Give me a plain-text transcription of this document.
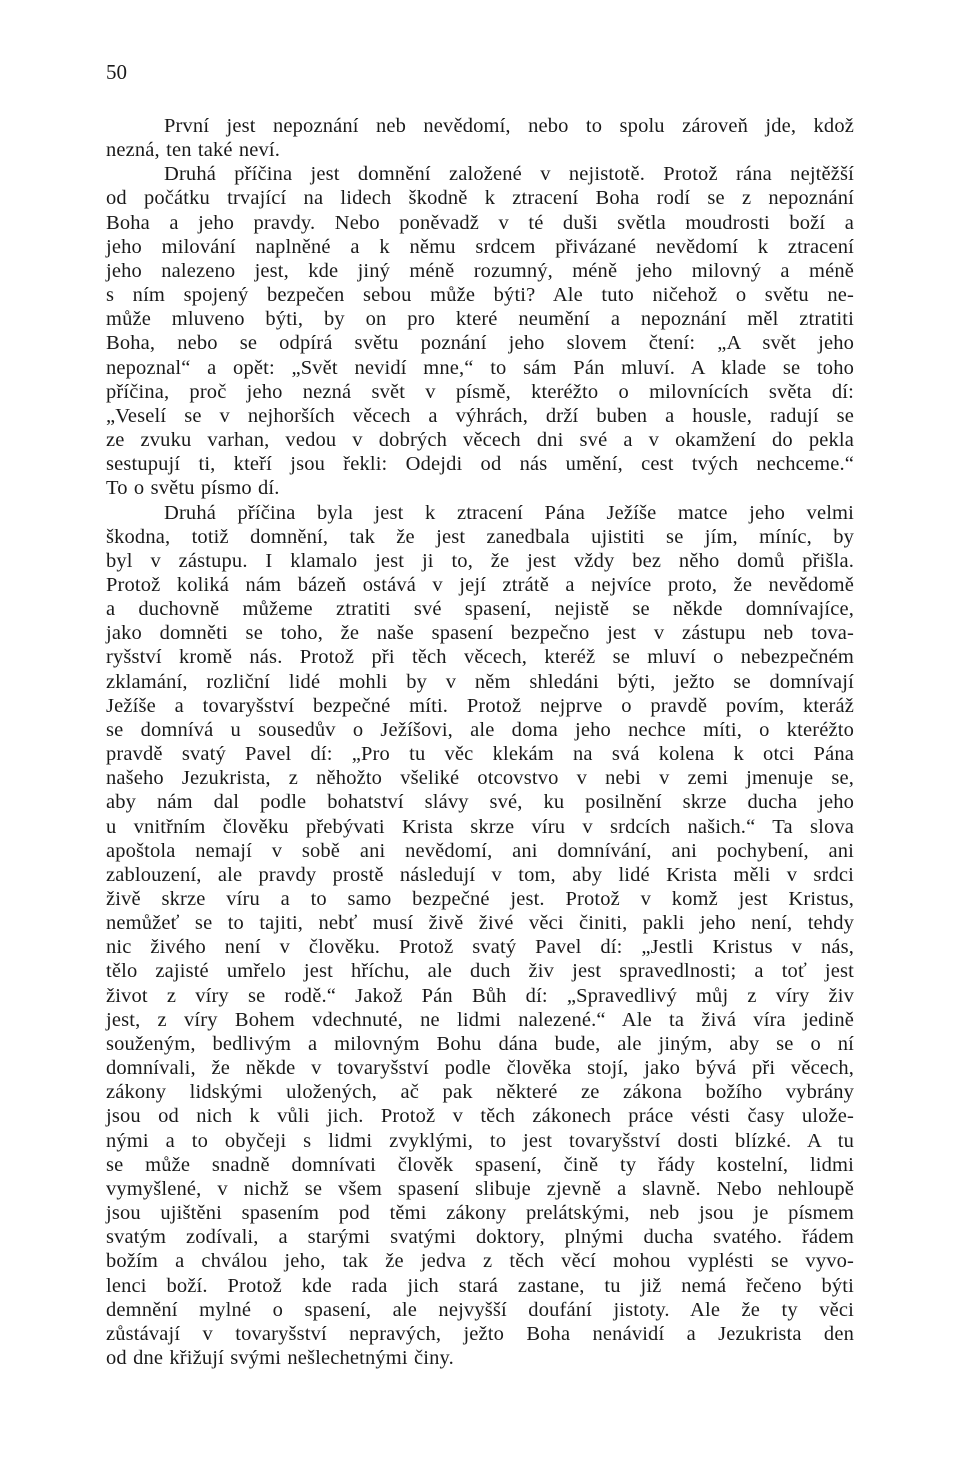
50
První jest nepoznání neb nevědomí, nebo to spolu zároveň jde, kdož
nezná, ten také neví.
Druhá příčina jest domnění založené v nejistotě. Protož rána nejtěžší
od počátku trvající na lidech škodně k ztracení Boha rodí se z nepoznání
Boha a jeho pravdy. Nebo poněvadž v té duši světla moudrosti boží a
jeho milování naplněné a k němu srdcem přivázané nevědomí k ztracení
jeho nalezeno jest, kde jiný méně rozumný, méně jeho milovný a méně
s ním spojený bezpečen sebou může býti? Ale tuto ničehož o světu ne-
může mluveno býti, by on pro které neumění a nepoznání měl ztratiti
Boha, nebo se odpírá světu poznání jeho slovem čtení: „A svět jeho
nepoznal“ a opět: „Svět nevidí mne,“ to sám Pán mluví. A klade se toho
příčina, proč jeho nezná svět v písmě, kteréžto o milovnících světa dí:
„Veselí se v nejhorších věcech a výhrách, drží buben a housle, radují se
ze zvuku varhan, vedou v dobrých věcech dni své a v okamžení do pekla
sestupují ti, kteří jsou řekli: Odejdi od nás umění, cest tvých nechceme.“
To o světu písmo dí.
Druhá příčina byla jest k ztracení Pána Ježíše matce jeho velmi
škodna, totiž domnění, tak že jest zanedbala ujistiti se jím, míníc, by
byl v zástupu. I klamalo jest ji to, že jest vždy bez něho domů přišla.
Protož koliká nám bázeň ostává v její ztrátě a nejvíce proto, že nevědomě
a duchovně můžeme ztratiti své spasení, nejistě se někde domnívajíce,
jako domněti se toho, že naše spasení bezpečno jest v zástupu neb tova-
ryšství kromě nás. Protož při těch věcech, kteréž se mluví o nebezpečném
zklamání, rozliční lidé mohli by v něm shledáni býti, ježto se domnívají
Ježíše a tovaryšství bezpečné míti. Protož nejprve o pravdě povím, kteráž
se domnívá u sousedův o Ježíšovi, ale doma jeho nechce míti, o kteréžto
pravdě svatý Pavel dí: „Pro tu věc klekám na svá kolena k otci Pána
našeho Jezukrista, z něhožto všeliké otcovstvo v nebi v zemi jmenuje se,
aby nám dal podle bohatství slávy své, ku posilnění skrze ducha jeho
u vnitřním člověku přebývati Krista skrze víru v srdcích našich.“ Ta slova
apoštola nemají v sobě ani nevědomí, ani domnívání, ani pochybení, ani
zablouzení, ale pravdy prostě následují v tom, aby lidé Krista měli v srdci
živě skrze víru a to samo bezpečné jest. Protož v komž jest Kristus,
nemůžeť se to tajiti, nebť musí živě živé věci činiti, pakli jeho není, tehdy
nic živého není v člověku. Protož svatý Pavel dí: „Jestli Kristus v nás,
tělo zajisté umřelo jest hříchu, ale duch živ jest spravedlnosti; a toť jest
život z víry se rodě.“ Jakož Pán Bůh dí: „Spravedlivý můj z víry živ
jest, z víry Bohem vdechnuté, ne lidmi nalezené.“ Ale ta živá víra jedině
souženým, bedlivým a milovným Bohu dána bude, ale jiným, aby se o ní
domnívali, že někde v tovaryšství podle člověka stojí, jako bývá při věcech,
zákony lidskými uložených, ač pak některé ze zákona božího vybrány
jsou od nich k vůli jich. Protož v těch zákonech práce vésti časy ulože-
nými a to obyčeji s lidmi zvyklými, to jest tovaryšství dosti blízké. A tu
se může snadně domnívati člověk spasení, čině ty řády kostelní, lidmi
vymyšlené, v nichž se všem spasení slibuje zjevně a slavně. Nebo nehloupě
jsou ujištěni spasením pod těmi zákony prelátskými, neb jsou je písmem
svatým zodívali, a starými svatými doktory, plnými ducha svatého. řádem
božím a chválou jeho, tak že jedva z těch věcí mohou vyplésti se vyvo-
lenci boží. Protož kde rada jich stará zastane, tu již nemá řečeno býti
demnění mylné o spasení, ale nejvyšší doufání jistoty. Ale že ty věci
zůstávají v tovaryšství nepravých, ježto Boha nenávidí a Jezukrista den
od dne křižují svými nešlechetnými činy.
